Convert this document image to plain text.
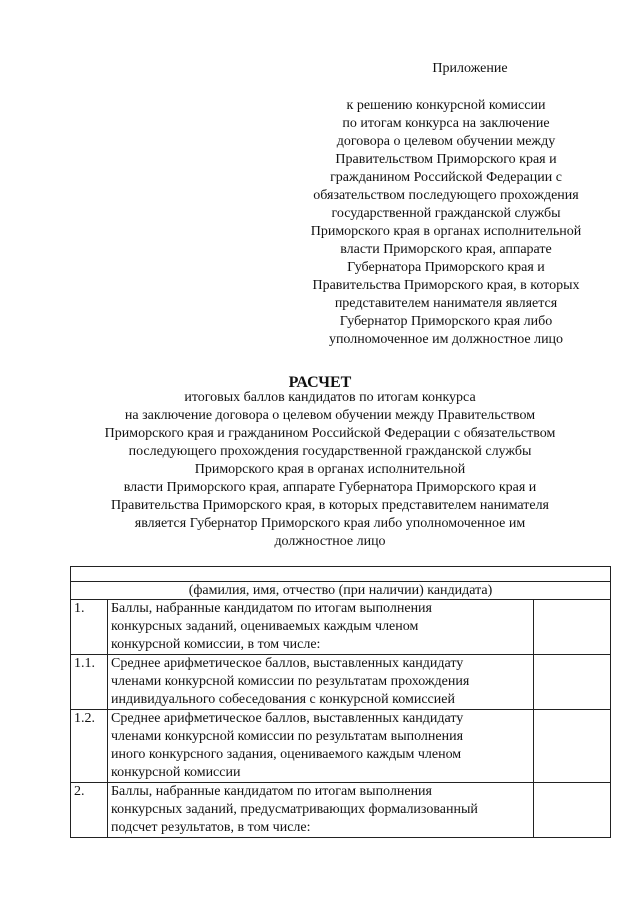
Приложение
к решению конкурсной комиссии
по итогам конкурса на заключение
договора о целевом обучении между
Правительством Приморского края и
гражданином Российской Федерации с
обязательством последующего прохождения
государственной гражданской службы
Приморского края в органах исполнительной
власти Приморского края, аппарате
Губернатора Приморского края и
Правительства Приморского края, в которых
представителем нанимателя является
Губернатор Приморского края либо
уполномоченное им должностное лицо
РАСЧЕТ
итоговых баллов кандидатов по итогам конкурса
на заключение договора о целевом обучении между Правительством
Приморского края и гражданином Российской Федерации с обязательством
последующего прохождения государственной гражданской службы
Приморского края в органах исполнительной
власти Приморского края, аппарате Губернатора Приморского края и
Правительства Приморского края, в которых представителем нанимателя
является Губернатор Приморского края либо уполномоченное им
должностное лицо

(фамилия, имя, отчество (при наличии) кандидата)		
1.	Баллы, набранные кандидатом по итогам выполнения
конкурсных заданий, оцениваемых каждым членом
конкурсной комиссии, в том числе:	

1.1.	Среднее арифметическое баллов, выставленных кандидату
членами конкурсной комиссии по результатам прохождения
индивидуального собеседования с конкурсной комиссией	

1.2.	Среднее арифметическое баллов, выставленных кандидату
членами конкурсной комиссии по результатам выполнения
иного конкурсного задания, оцениваемого каждым членом
конкурсной комиссии	

2.	Баллы, набранные кандидатом по итогам выполнения
конкурсных заданий, предусматривающих формализованный
подсчет результатов, в том числе:	
